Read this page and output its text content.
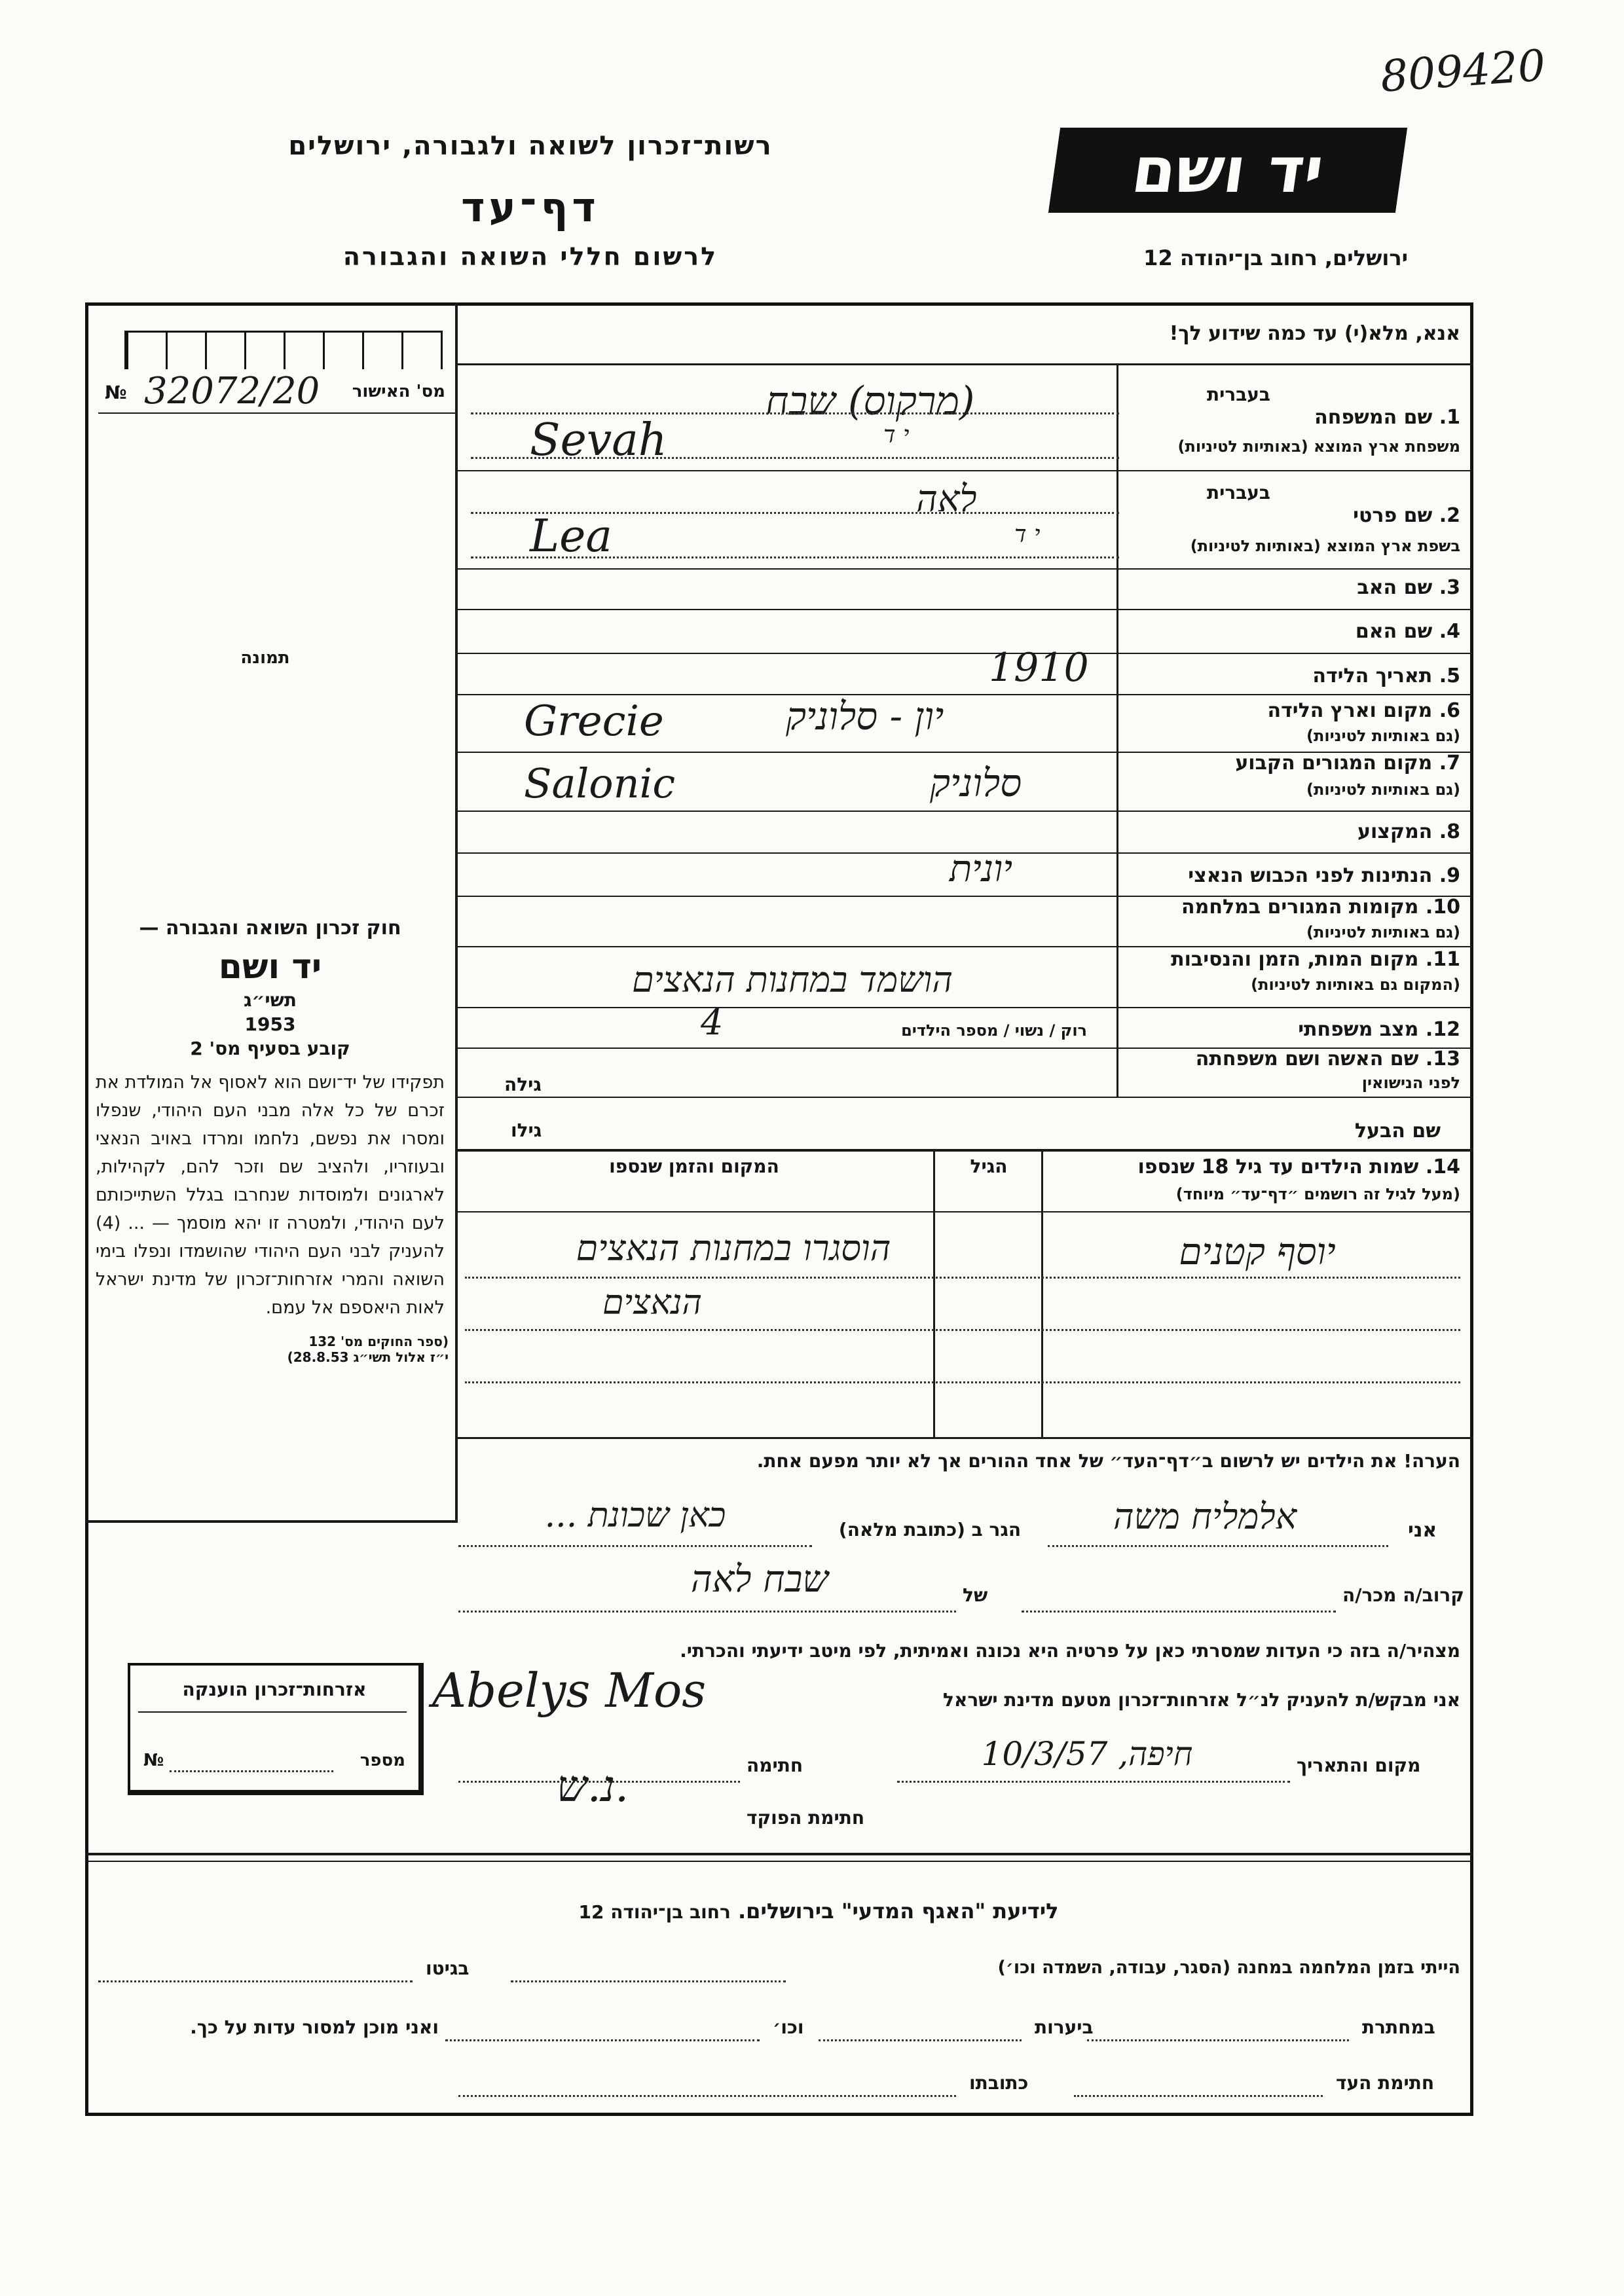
809420
רשות־זכרון לשואה ולגבורה, ירושלים
דף־עד
לרשום חללי השואה והגבורה
יד ושם
ירושלים, רחוב בן־יהודה 12
אנא, מלא(י) עד כמה שידוע לך!
№ 32072/20 מס' האישור
תמונה
1. שם המשפחה
בעברית
משפחת ארץ המוצא (באותיות לטיניות)
(מרקוס) שבח
Sevah	י ד
2. שם פרטי
בעברית
בשפת ארץ המוצא (באותיות לטיניות)
לאה
Lea	י ד
3. שם האב
4. שם האם
5. תאריך הלידה
1910
6. מקום וארץ הלידה
(גם באותיות לטיניות)
יון - סלוניק
Grecie
7. מקום המגורים הקבוע
(גם באותיות לטיניות)
סלוניק
Salonic
8. המקצוע
9. הנתינות לפני הכבוש הנאצי
יונית
10. מקומות המגורים במלחמה
(גם באותיות לטיניות)
11. מקום המות, הזמן והנסיבות
(המקום גם באותיות לטיניות)
הושמד במחנות הנאצים
12. מצב משפחתי
רוק / נשוי / מספר הילדים
4
13. שם האשה ושם משפחתה
לפני הנישואין
גילה
שם הבעל
גילו
14. שמות הילדים עד גיל 18 שנספו
(מעל לגיל זה רושמים ״דף־עד״ מיוחד)
הגיל
המקום והזמן שנספו
יוסף קטנים
הוסגרו במחנות הנאצים
הנאצים
חוק זכרון השואה והגבורה —
יד ושם
תשי״ג
1953
קובע בסעיף מס' 2
תפקידו של יד־ושם הוא לאסוף אל המולדת את זכרם של כל אלה מבני העם היהודי, שנפלו ומסרו את נפשם, נלחמו ומרדו באויב הנאצי ובעוזריו, ולהציב שם וזכר להם, לקהילות, לארגונים ולמוסדות שנחרבו בגלל השתייכותם לעם היהודי, ולמטרה זו יהא מוסמך — ... (4) להעניק לבני העם היהודי שהושמדו ונפלו בימי השואה והמרי אזרחות־זכרון של מדינת ישראל לאות היאספם אל עמם.
(ספר החוקים מס' 132
י״ז אלול תשי״ג 28.8.53)
הערה! את הילדים יש לרשום ב״דף־העד״ של אחד ההורים אך לא יותר מפעם אחת.
אני
אלמליח משה
הגר ב (כתובת מלאה)
כאן שכונת ...
קרוב/ה מכר/ה
של
שבח לאה
מצהיר/ה בזה כי העדות שמסרתי כאן על פרטיה היא נכונה ואמיתית, לפי מיטב ידיעתי והכרתי.
אני מבקש/ת להעניק לנ״ל אזרחות־זכרון מטעם מדינת ישראל
Abelys Mos
מקום והתאריך
חיפה, 10/3/57
חתימה
חתימת הפוקד
נ.ש.
אזרחות־זכרון הוענקה
מספר
№
לידיעת "האגף המדעי" בירושלים. רחוב בן־יהודה 12
הייתי בזמן המלחמה במחנה (הסגר, עבודה, השמדה וכו׳)
בגיטו
במחתרת
ביערות
וכו׳
ואני מוכן למסור עדות על כך.
חתימת העד
כתובתו
